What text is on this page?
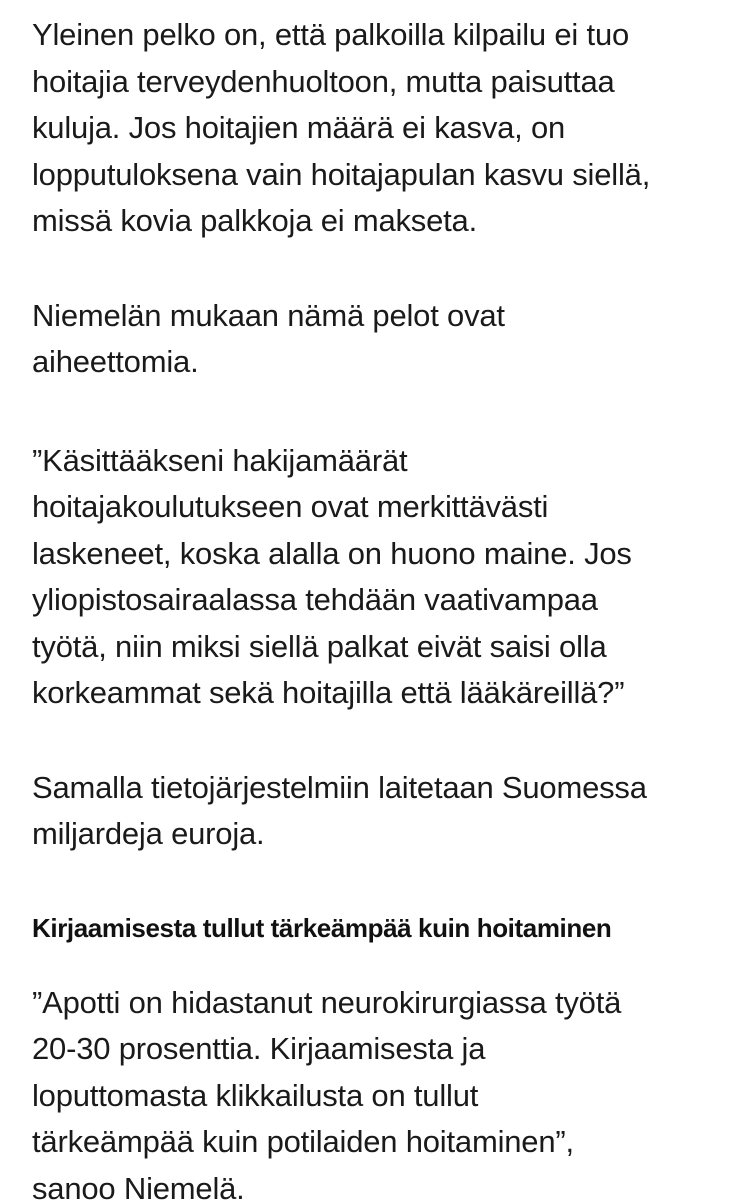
Yleinen pelko on, että palkoilla kilpailu ei tuo
hoitajia terveydenhuoltoon, mutta paisuttaa
kuluja. Jos hoitajien määrä ei kasva, on
lopputuloksena vain hoitajapulan kasvu siellä,
missä kovia palkkoja ei makseta.

Niemelän mukaan nämä pelot ovat
aiheettomia.

”Käsittääkseni hakijamäärät
hoitajakoulutukseen ovat merkittävästi
laskeneet, koska alalla on huono maine. Jos
yliopistosairaalassa tehdään vaativampaa
työtä, niin miksi siellä palkat eivät saisi olla
korkeammat sekä hoitajilla että lääkäreillä?”

Samalla tietojärjestelmiin laitetaan Suomessa
miljardeja euroja.

Kirjaamisesta tullut tärkeämpää kuin hoitaminen

”Apotti on hidastanut neurokirurgiassa työtä
20-30 prosenttia. Kirjaamisesta ja
loputtomasta klikkailusta on tullut
tärkeämpää kuin potilaiden hoitaminen”,
sanoo Niemelä.
